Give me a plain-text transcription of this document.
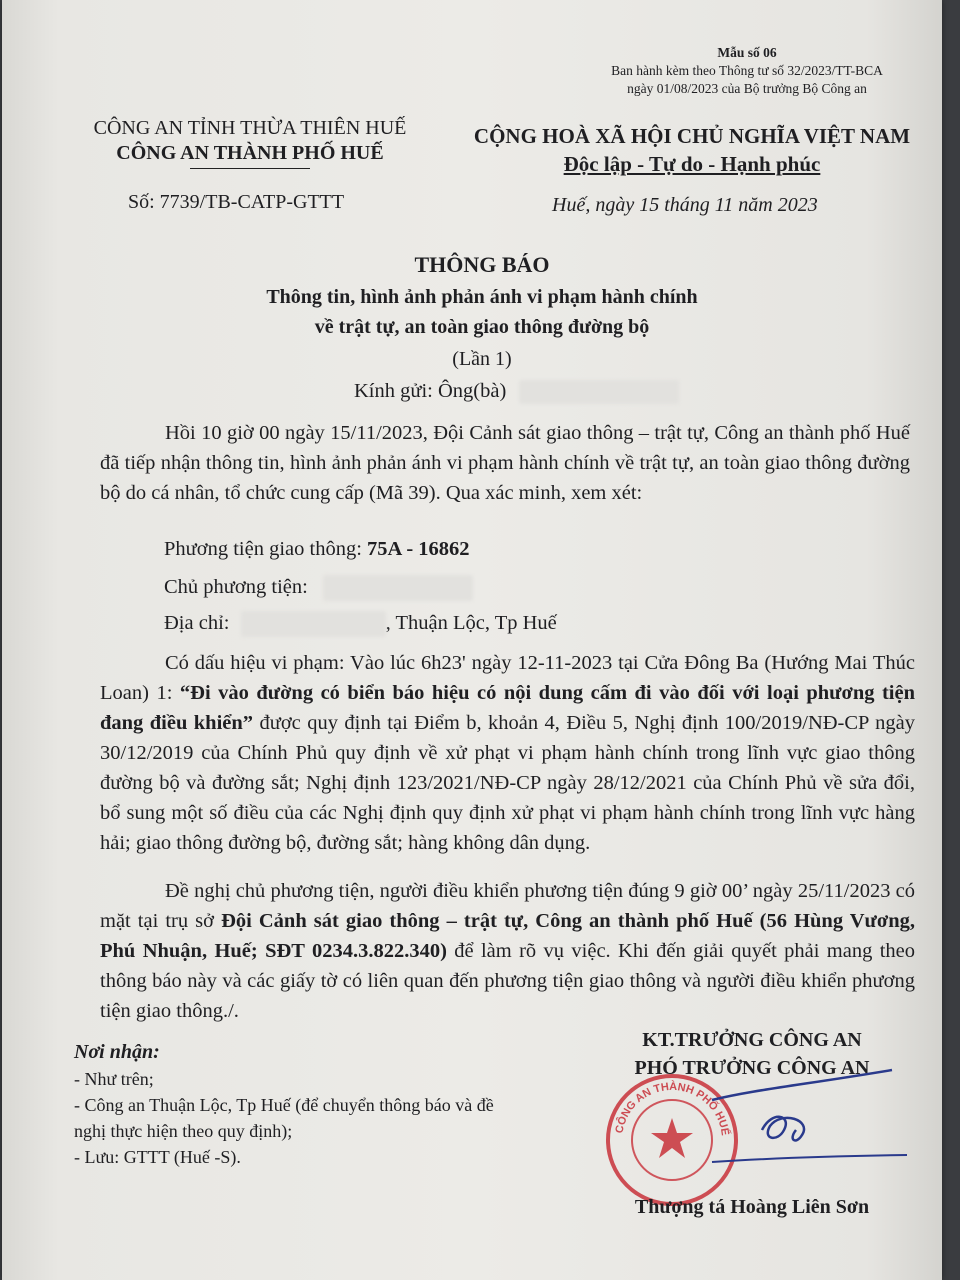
Mẫu số 06
Ban hành kèm theo Thông tư số 32/2023/TT-BCA
ngày 01/08/2023 của Bộ trưởng Bộ Công an
CÔNG AN TỈNH THỪA THIÊN HUẾ
CÔNG AN THÀNH PHỐ HUẾ
Số: 7739/TB-CATP-GTTT
CỘNG HOÀ XÃ HỘI CHỦ NGHĨA VIỆT NAM
Độc lập - Tự do - Hạnh phúc
Huế, ngày 15 tháng 11 năm 2023
THÔNG BÁO
Thông tin, hình ảnh phản ánh vi phạm hành chính
về trật tự, an toàn giao thông đường bộ
(Lần 1)
Kính gửi: Ông(bà)
Hồi 10 giờ 00 ngày 15/11/2023, Đội Cảnh sát giao thông – trật tự, Công an thành phố Huế đã tiếp nhận thông tin, hình ảnh phản ánh vi phạm hành chính về trật tự, an toàn giao thông đường bộ do cá nhân, tổ chức cung cấp (Mã 39). Qua xác minh, xem xét:
Phương tiện giao thông: 75A - 16862
Chủ phương tiện:
Địa chỉ:	, Thuận Lộc, Tp Huế
Có dấu hiệu vi phạm: Vào lúc 6h23' ngày 12-11-2023 tại Cửa Đông Ba (Hướng Mai Thúc Loan) 1: “Đi vào đường có biển báo hiệu có nội dung cấm đi vào đối với loại phương tiện đang điều khiển” được quy định tại Điểm b, khoản 4, Điều 5, Nghị định 100/2019/NĐ-CP ngày 30/12/2019 của Chính Phủ quy định về xử phạt vi phạm hành chính trong lĩnh vực giao thông đường bộ và đường sắt; Nghị định 123/2021/NĐ-CP ngày 28/12/2021 của Chính Phủ về sửa đổi, bổ sung một số điều của các Nghị định quy định xử phạt vi phạm hành chính trong lĩnh vực hàng hải; giao thông đường bộ, đường sắt; hàng không dân dụng.
Đề nghị chủ phương tiện, người điều khiển phương tiện đúng 9 giờ 00’ ngày 25/11/2023 có mặt tại trụ sở Đội Cảnh sát giao thông – trật tự, Công an thành phố Huế (56 Hùng Vương, Phú Nhuận, Huế; SĐT 0234.3.822.340) để làm rõ vụ việc. Khi đến giải quyết phải mang theo thông báo này và các giấy tờ có liên quan đến phương tiện giao thông và người điều khiển phương tiện giao thông./.
Nơi nhận:
- Như trên;
- Công an Thuận Lộc, Tp Huế (để chuyển thông báo và đề nghị thực hiện theo quy định);
- Lưu: GTTT (Huế -S).
KT.TRƯỞNG CÔNG AN
PHÓ TRƯỞNG CÔNG AN
CÔNG AN THÀNH PHỐ HUẾ
Thượng tá Hoàng Liên Sơn
